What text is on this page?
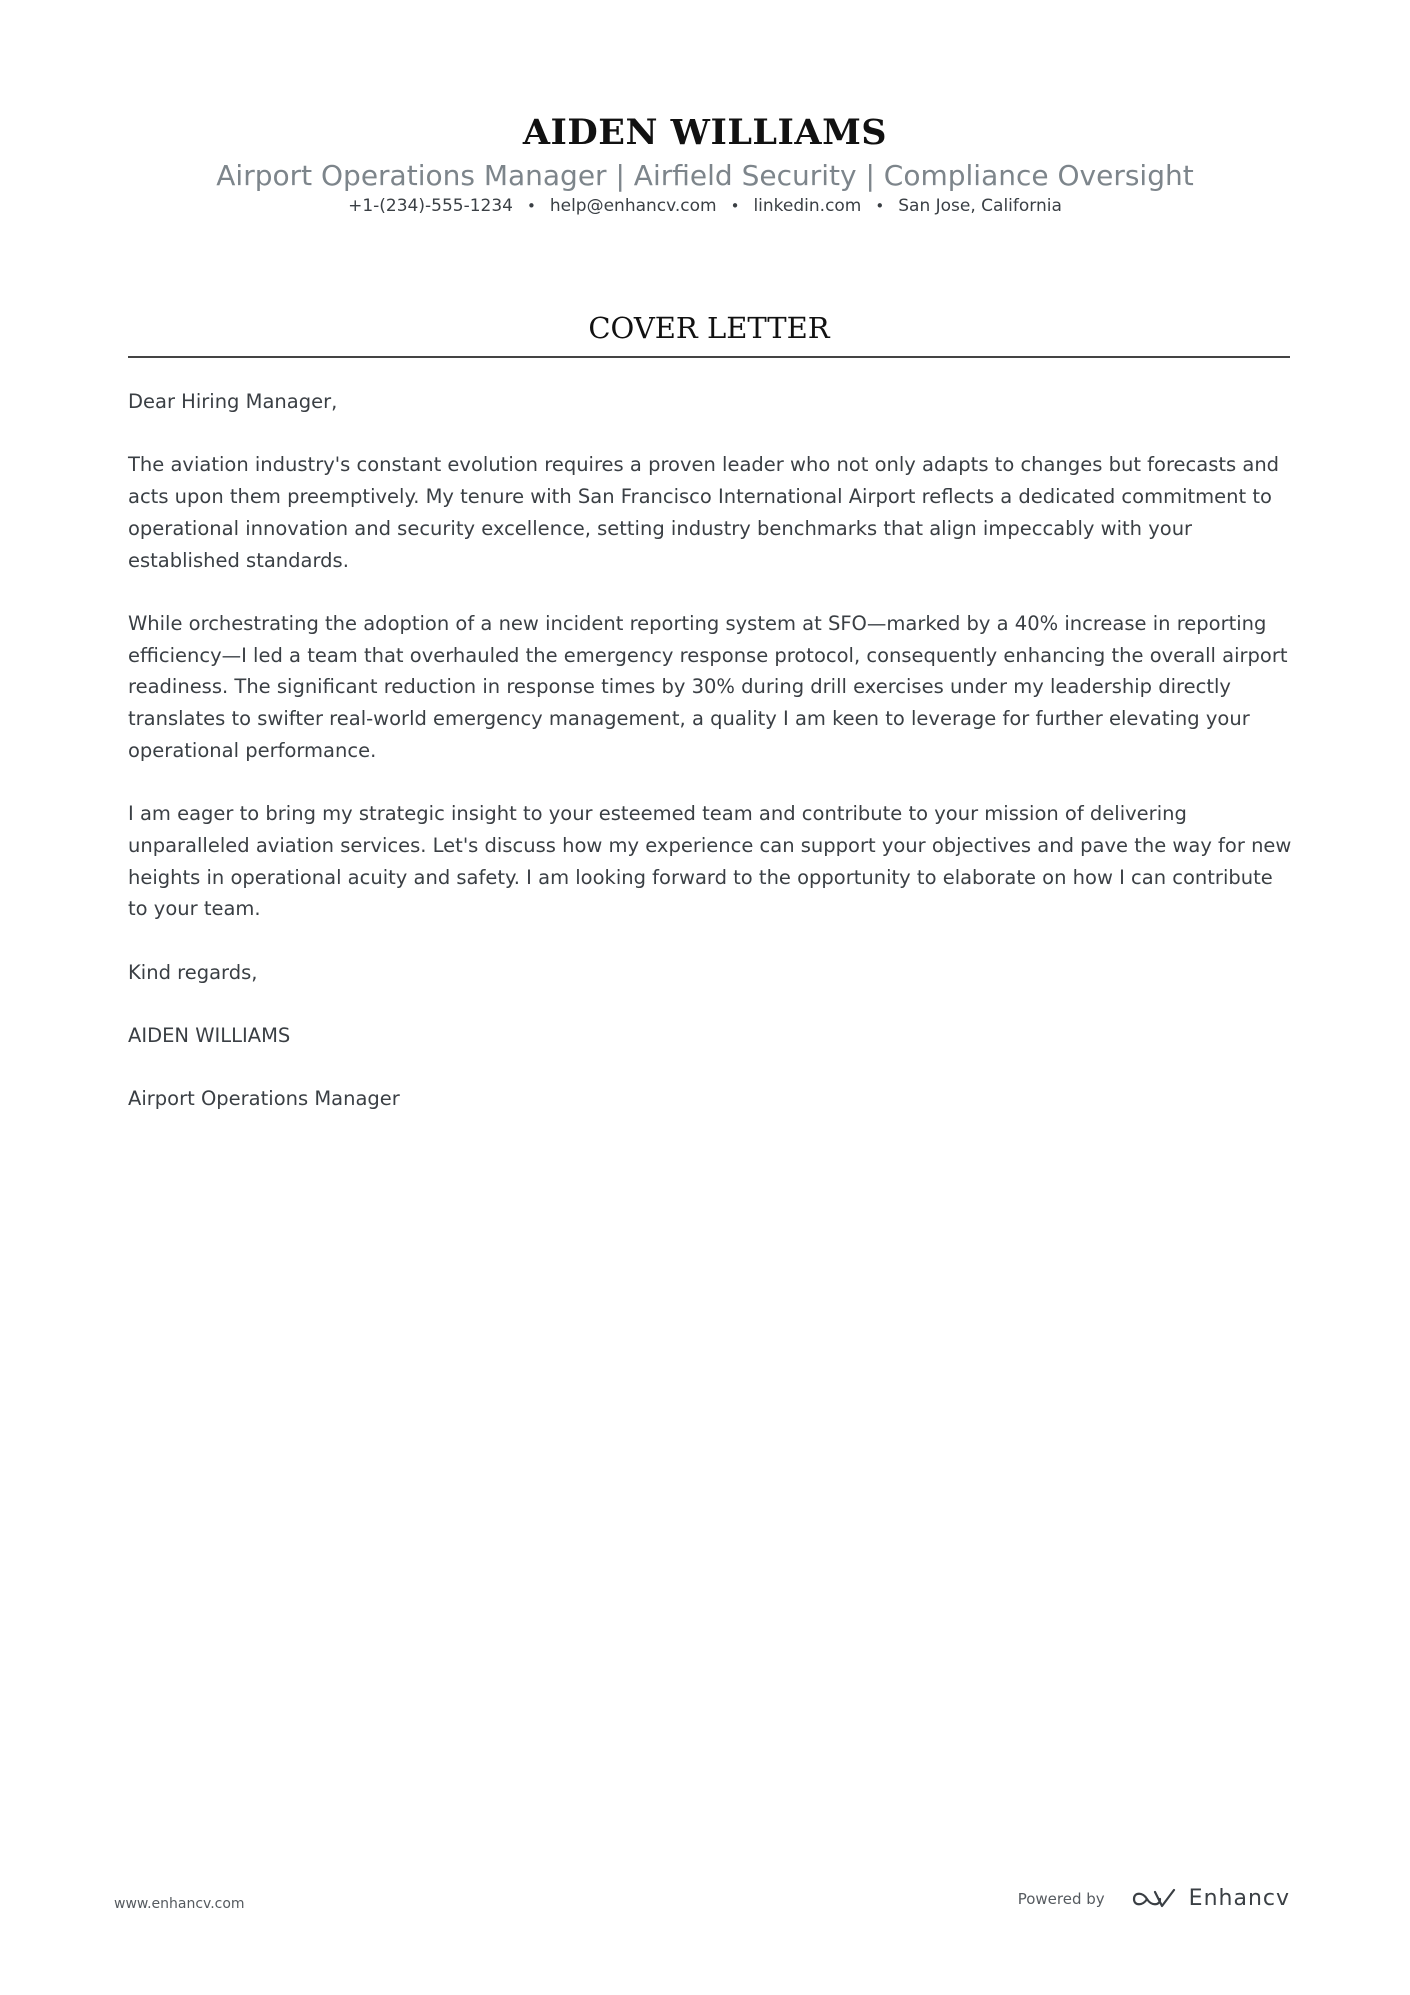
AIDEN WILLIAMS
Airport Operations Manager | Airfield Security | Compliance Oversight
+1-(234)-555-1234 • help@enhancv.com • linkedin.com • San Jose, California
COVER LETTER

Dear Hiring Manager,

The aviation industry's constant evolution requires a proven leader who not only adapts to changes but forecasts and acts upon them preemptively. My tenure with San Francisco International Airport reflects a dedicated commitment to operational innovation and security excellence, setting industry benchmarks that align impeccably with your established standards.

While orchestrating the adoption of a new incident reporting system at SFO—marked by a 40% increase in reporting efficiency—I led a team that overhauled the emergency response protocol, consequently enhancing the overall airport readiness. The significant reduction in response times by 30% during drill exercises under my leadership directly translates to swifter real-world emergency management, a quality I am keen to leverage for further elevating your operational performance.

I am eager to bring my strategic insight to your esteemed team and contribute to your mission of delivering unparalleled aviation services. Let's discuss how my experience can support your objectives and pave the way for new heights in operational acuity and safety. I am looking forward to the opportunity to elaborate on how I can contribute to your team.

Kind regards,

AIDEN WILLIAMS

Airport Operations Manager

www.enhancv.com	Powered by	Enhancv
